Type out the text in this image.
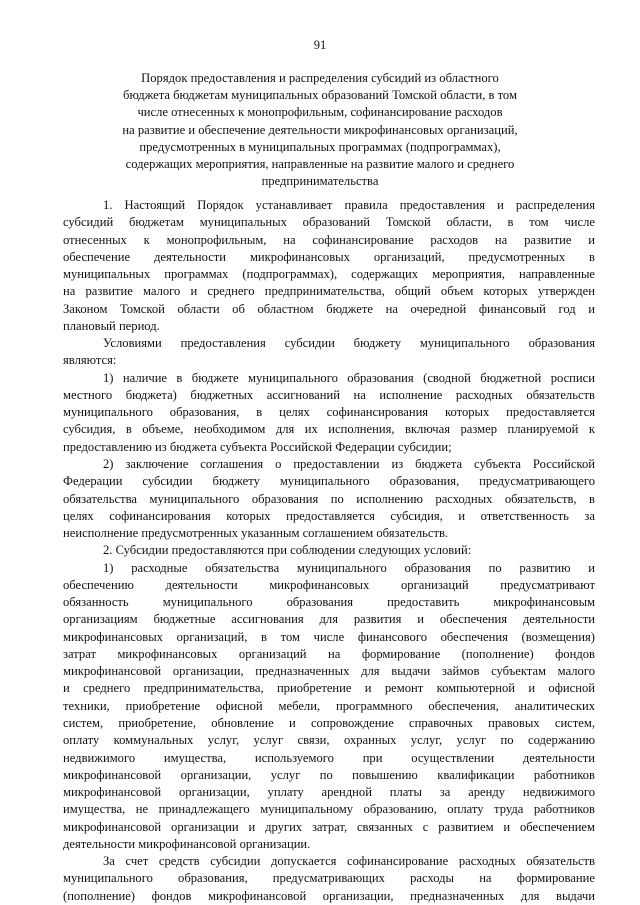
91
Порядок предоставления и распределения субсидий из областного
бюджета бюджетам муниципальных образований Томской области, в том
числе отнесенных к монопрофильным, софинансирование расходов
на развитие и обеспечение деятельности микрофинансовых организаций,
предусмотренных в муниципальных программах (подпрограммах),
содержащих мероприятия, направленные на развитие малого и среднего
предпринимательства
1. Настоящий Порядок устанавливает правила предоставления и распределения
субсидий бюджетам муниципальных образований Томской области, в том числе
отнесенных к монопрофильным, на софинансирование расходов на развитие и
обеспечение деятельности микрофинансовых организаций, предусмотренных в
муниципальных программах (подпрограммах), содержащих мероприятия, направленные
на развитие малого и среднего предпринимательства, общий объем которых утвержден
Законом Томской области об областном бюджете на очередной финансовый год и
плановый период.
Условиями предоставления субсидии бюджету муниципального образования
являются:
1) наличие в бюджете муниципального образования (сводной бюджетной росписи
местного бюджета) бюджетных ассигнований на исполнение расходных обязательств
муниципального образования, в целях софинансирования которых предоставляется
субсидия, в объеме, необходимом для их исполнения, включая размер планируемой к
предоставлению из бюджета субъекта Российской Федерации субсидии;
2) заключение соглашения о предоставлении из бюджета субъекта Российской
Федерации субсидии бюджету муниципального образования, предусматривающего
обязательства муниципального образования по исполнению расходных обязательств, в
целях софинансирования которых предоставляется субсидия, и ответственность за
неисполнение предусмотренных указанным соглашением обязательств.
2. Субсидии предоставляются при соблюдении следующих условий:
1) расходные обязательства муниципального образования по развитию и
обеспечению деятельности микрофинансовых организаций предусматривают
обязанность муниципального образования предоставить микрофинансовым
организациям бюджетные ассигнования для развития и обеспечения деятельности
микрофинансовых организаций, в том числе финансового обеспечения (возмещения)
затрат микрофинансовых организаций на формирование (пополнение) фондов
микрофинансовой организации, предназначенных для выдачи займов субъектам малого
и среднего предпринимательства, приобретение и ремонт компьютерной и офисной
техники, приобретение офисной мебели, программного обеспечения, аналитических
систем, приобретение, обновление и сопровождение справочных правовых систем,
оплату коммунальных услуг, услуг связи, охранных услуг, услуг по содержанию
недвижимого имущества, используемого при осуществлении деятельности
микрофинансовой организации, услуг по повышению квалификации работников
микрофинансовой организации, уплату арендной платы за аренду недвижимого
имущества, не принадлежащего муниципальному образованию, оплату труда работников
микрофинансовой организации и других затрат, связанных с развитием и обеспечением
деятельности микрофинансовой организации.
За счет средств субсидии допускается софинансирование расходных обязательств
муниципального образования, предусматривающих расходы на формирование
(пополнение) фондов микрофинансовой организации, предназначенных для выдачи
